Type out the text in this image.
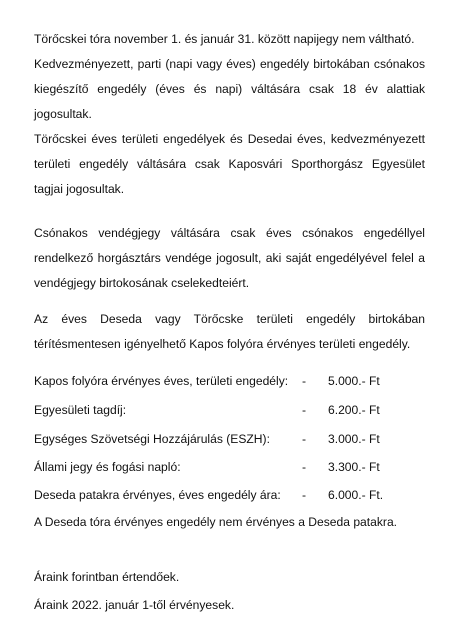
Törőcskei tóra november 1. és január 31. között napijegy nem váltható.

Kedvezményezett, parti (napi vagy éves) engedély birtokában csónakos
kiegészítő engedély (éves és napi) váltására csak 18 év alattiak
jogosultak.
Törőcskei éves területi engedélyek és Desedai éves, kedvezményezett
területi engedély váltására csak Kaposvári Sporthorgász Egyesület
tagjai jogosultak.
Csónakos vendégjegy váltására csak éves csónakos engedéllyel
rendelkező horgásztárs vendége jogosult, aki saját engedélyével felel a
vendégjegy birtokosának cselekedteiért.
Az éves Deseda vagy Törőcske területi engedély birtokában
térítésmentesen igényelhető Kapos folyóra érvényes területi engedély.
Kapos folyóra érvényes éves, területi engedély: - 5.000.- Ft
Egyesületi tagdíj:	- 6.200.- Ft
Egységes Szövetségi Hozzájárulás (ESZH):	- 3.000.- Ft
Állami jegy és fogási napló:	- 3.300.- Ft
Deseda patakra érvényes, éves engedély ára: - 6.000.- Ft.

A Deseda tóra érvényes engedély nem érvényes a Deseda patakra.

Áraink forintban értendőek.

Áraink 2022. január 1-től érvényesek.
